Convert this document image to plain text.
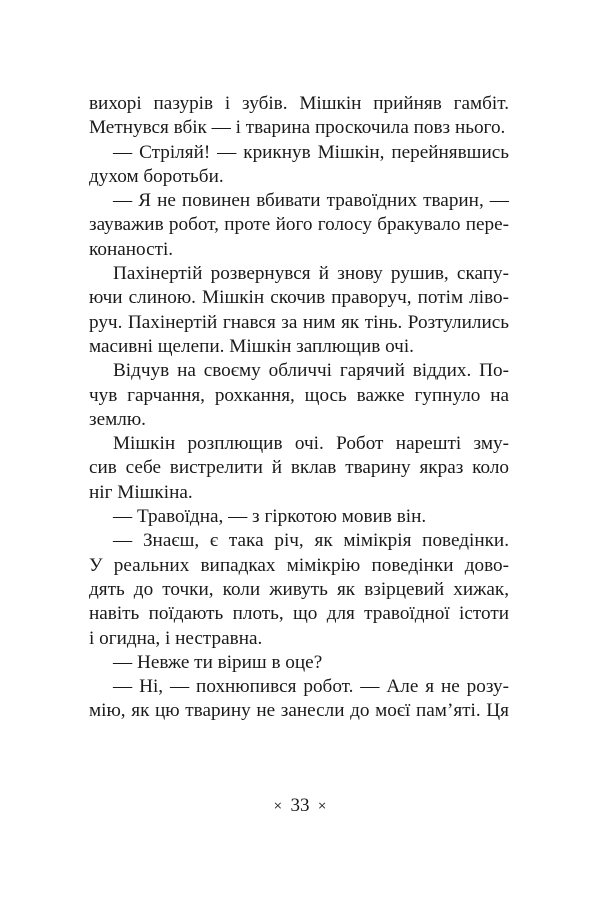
вихорі пазурів і зубів. Мішкін прийняв гамбіт.
Метнувся вбік — і тварина проскочила повз нього.
— Стріляй! — крикнув Мішкін, перейнявшись
духом боротьби.
— Я не повинен вбивати травоїдних тварин, —
зауважив робот, проте його голосу бракувало пере-
конаності.
Пахінертій розвернувся й знову рушив, скапу-
ючи слиною. Мішкін скочив праворуч, потім ліво-
руч. Пахінертій гнався за ним як тінь. Розтулились
масивні щелепи. Мішкін заплющив очі.
Відчув на своєму обличчі гарячий віддих. По-
чув гарчання, рохкання, щось важке гупнуло на
землю.
Мішкін розплющив очі. Робот нарешті зму-
сив себе вистрелити й вклав тварину якраз коло
ніг Мішкіна.
— Травоїдна, — з гіркотою мовив він.
— Знаєш, є така річ, як мімікрія поведінки.
У реальних випадках мімікрію поведінки дово-
дять до точки, коли живуть як взірцевий хижак,
навіть поїдають плоть, що для травоїдної істоти
і огидна, і нестравна.
— Невже ти віриш в оце?
— Ні, — похнюпився робот. — Але я не розу-
мію, як цю тварину не занесли до моєї пам’яті. Ця
⨯ 33 ⨯
